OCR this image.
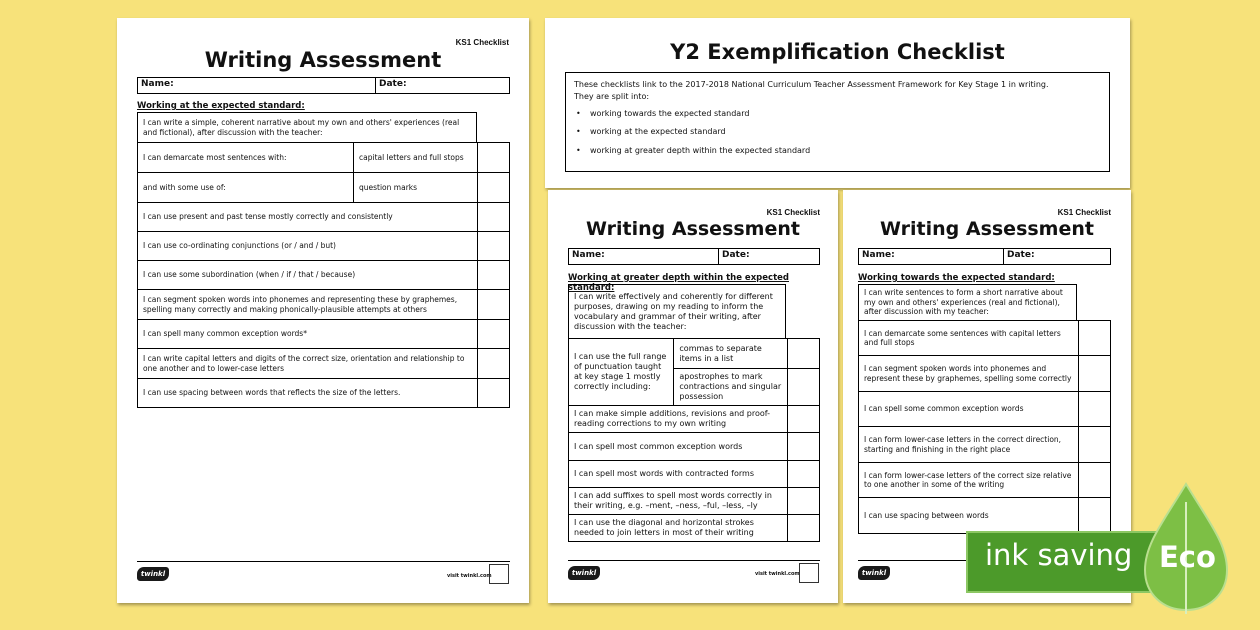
KS1 Checklist
Writing Assessment
Name:	Date:
Working at the expected standard:
I can write a simple, coherent narrative about my own and others' experiences (real and fictional), after discussion with the teacher:
I can demarcate most sentences with:	capital letters and full stops	
and with some use of:	question marks	
I can use present and past tense mostly correctly and consistently		
I can use co-ordinating conjunctions (or / and / but)		
I can use some subordination (when / if / that / because)		
I can segment spoken words into phonemes and representing these by graphemes, spelling many correctly and making phonically-plausible attempts at others		
I can spell many common exception words*		
I can write capital letters and digits of the correct size, orientation and relationship to one another and to lower-case letters		
I can use spacing between words that reflects the size of the letters.		
twinkl	visit twinkl.com
Y2 Exemplification Checklist
These checklists link to the 2017-2018 National Curriculum Teacher Assessment Framework for Key Stage 1 in writing.
They are split into:
• working towards the expected standard
• working at the expected standard
• working at greater depth within the expected standard
KS1 Checklist
Writing Assessment
Name:	Date:
Working at greater depth within the expected standard:
I can write effectively and coherently for different purposes, drawing on my reading to inform the vocabulary and grammar of their writing, after discussion with the teacher:
I can use the full range of punctuation taught at key stage 1 mostly correctly including:	commas to separate items in a list	
	apostrophes to mark contractions and singular possession	
I can make simple additions, revisions and proof-reading corrections to my own writing		
I can spell most common exception words		
I can spell most words with contracted forms		
I can add suffixes to spell most words correctly in their writing, e.g. –ment, –ness, –ful, –less, –ly		
I can use the diagonal and horizontal strokes needed to join letters in most of their writing		
twinkl	visit twinkl.com
KS1 Checklist
Writing Assessment
Name:	Date:
Working towards the expected standard:
I can write sentences to form a short narrative about my own and others' experiences (real and fictional), after discussion with my teacher:
I can demarcate some sentences with capital letters and full stops	
I can segment spoken words into phonemes and represent these by graphemes, spelling some correctly	
I can spell some common exception words	
I can form lower-case letters in the correct direction, starting and finishing in the right place	
I can form lower-case letters of the correct size relative to one another in some of the writing	
I can use spacing between words	
twinkl
ink saving Eco
